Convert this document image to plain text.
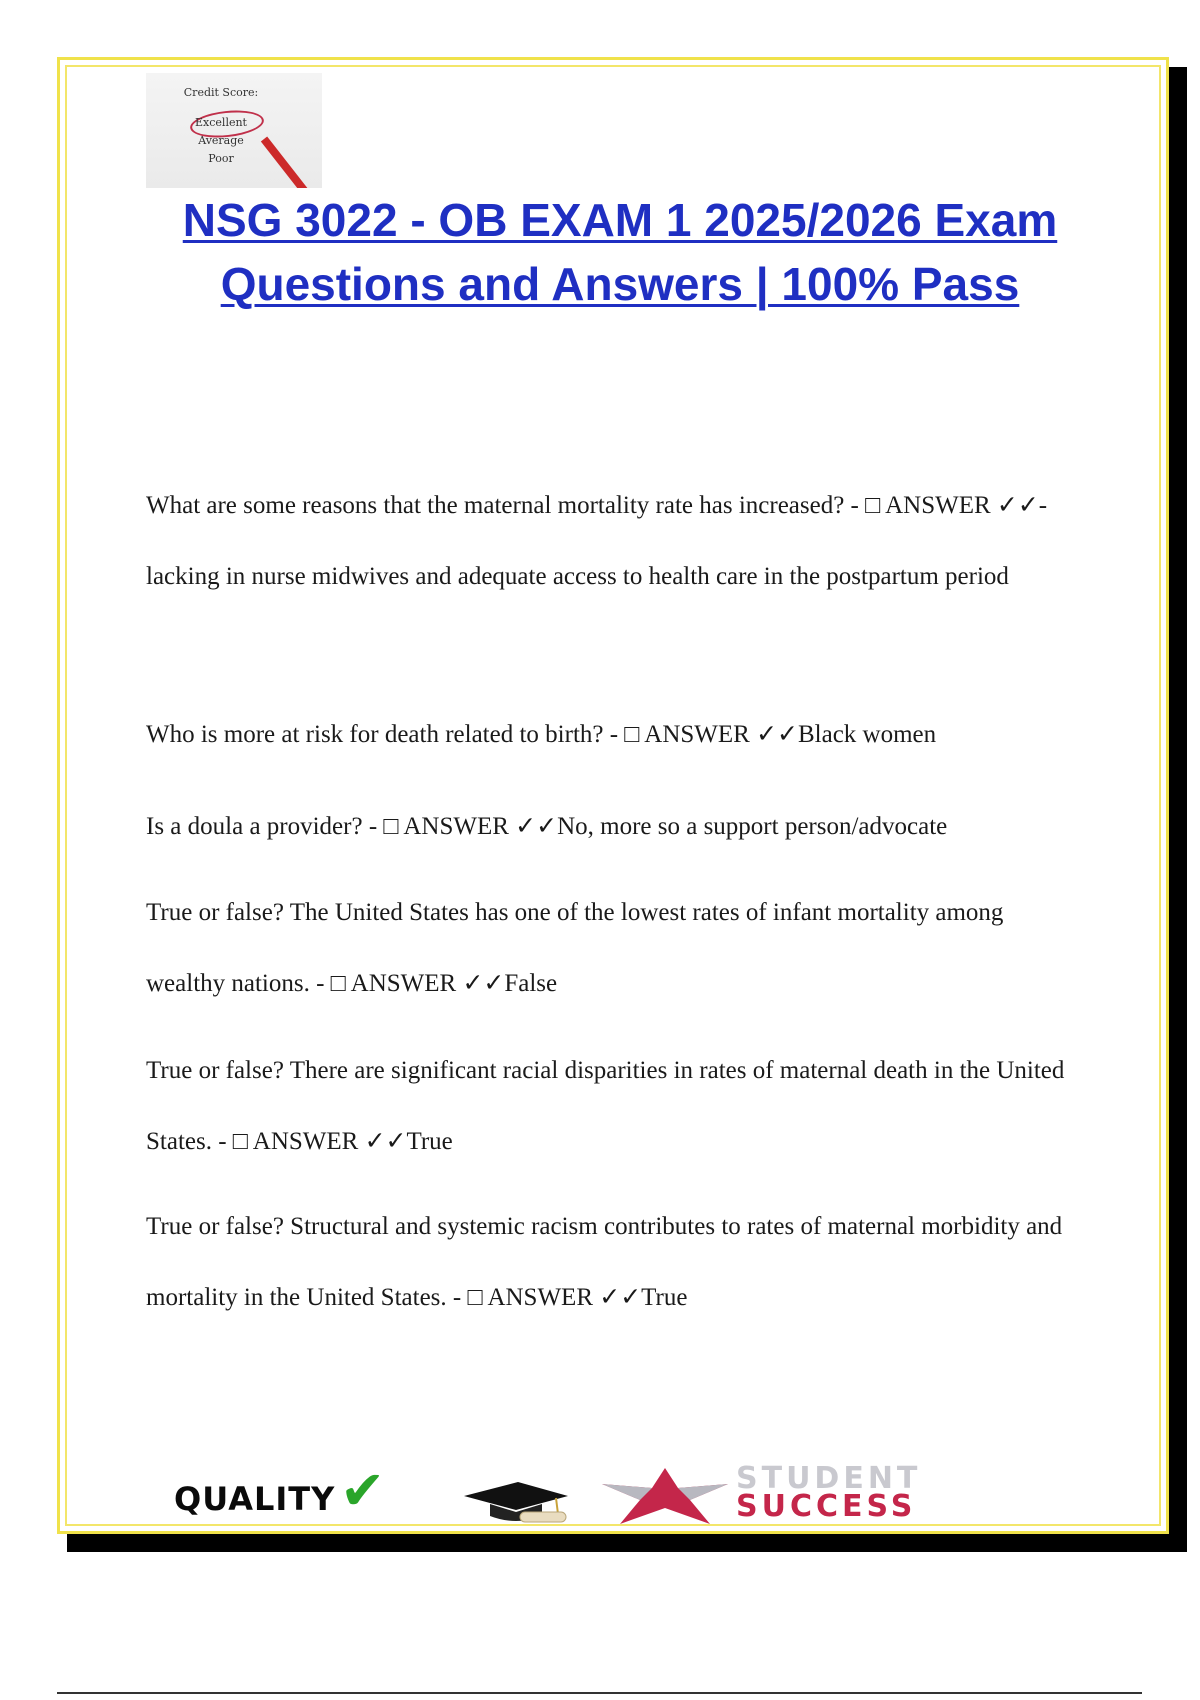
Credit Score:
Excellent
Average
Poor
NSG 3022 - OB EXAM 1 2025/2026 Exam
Questions and Answers | 100% Pass
What are some reasons that the maternal mortality rate has increased? - □ ANSWER ✓✓- lacking in nurse midwives and adequate access to health care in the postpartum period
Who is more at risk for death related to birth? - □ ANSWER ✓✓Black women
Is a doula a provider? - □ ANSWER ✓✓No, more so a support person/advocate
True or false? The United States has one of the lowest rates of infant mortality among wealthy nations. - □ ANSWER ✓✓False
True or false? There are significant racial disparities in rates of maternal death in the United States. - □ ANSWER ✓✓True
True or false? Structural and systemic racism contributes to rates of maternal morbidity and mortality in the United States. - □ ANSWER ✓✓True
QUALITY ✔	STUDENT
SUCCESS
